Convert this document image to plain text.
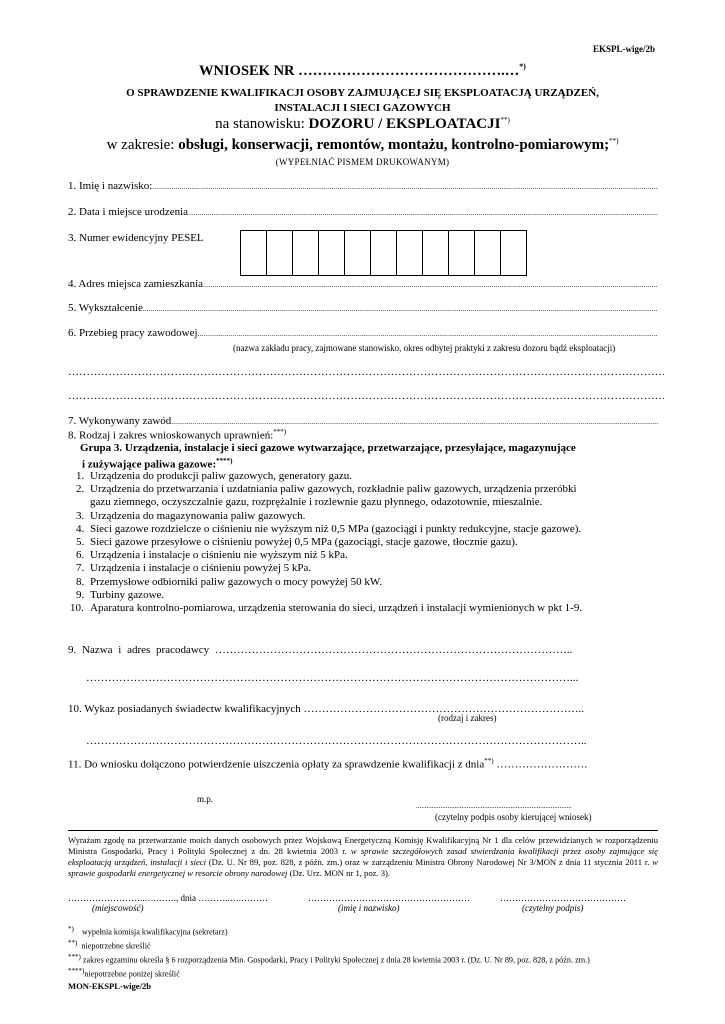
EKSPL-wige/2b
WNIOSEK NR …………………………………….…*)
O SPRAWDZENIE KWALIFIKACJI OSOBY ZAJMUJĄCEJ SIĘ EKSPLOATACJĄ URZĄDZEŃ,
INSTALACJI I SIECI GAZOWYCH
na stanowisku: DOZORU / EKSPLOATACJI**)
w zakresie: obsługi, konserwacji, remontów, montażu, kontrolno-pomiarowym;**)
(WYPEŁNIAĆ PISMEM DRUKOWANYM)
1. Imię i nazwisko:
.....
2. Data i miejsce urodzenia
.....
3. Numer ewidencyjny PESEL
4. Adres miejsca zamieszkania
.....
5. Wykształcenie
.....
6. Przebieg pracy zawodowej
.....
(nazwa zakładu pracy, zajmowane stanowisko, okres odbytej praktyki z zakresu dozoru bądź eksploatacji)
……………………………………………………………………………………………………………………………………………………
……………………………………………………………………………………………………………………………………………………
7. Wykonywany zawód
.....
8. Rodzaj i zakres wnioskowanych uprawnień:***)
Grupa 3. Urządzenia, instalacje i sieci gazowe wytwarzające, przetwarzające, przesyłające, magazynujące
i zużywające paliwa gazowe:****)
1. Urządzenia do produkcji paliw gazowych, generatory gazu.
2. Urządzenia do przetwarzania i uzdatniania paliw gazowych, rozkładnie paliw gazowych, urządzenia przeróbki
gazu ziemnego, oczyszczalnie gazu, rozprężalnie i rozlewnie gazu płynnego, odazotownie, mieszalnie.
3. Urządzenia do magazynowania paliw gazowych.
4. Sieci gazowe rozdzielcze o ciśnieniu nie wyższym niż 0,5 MPa (gazociągi i punkty redukcyjne, stacje gazowe).
5. Sieci gazowe przesyłowe o ciśnieniu powyżej 0,5 MPa (gazociągi, stacje gazowe, tłocznie gazu).
6. Urządzenia i instalacje o ciśnieniu nie wyższym niż 5 kPa.
7. Urządzenia i instalacje o ciśnieniu powyżej 5 kPa.
8. Przemysłowe odbiorniki paliw gazowych o mocy powyżej 50 kW.
9. Turbiny gazowe.
10. Aparatura kontrolno-pomiarowa, urządzenia sterowania do sieci, urządzeń i instalacji wymienionych w pkt 1-9.
9. Nazwa i adres pracodawcy ……………………………………………………………………………………..
……………………………………………………………………………………………………………………...
10. Wykaz posiadanych świadectw kwalifikacyjnych …………………………………………………………………..
(rodzaj i zakres)
………………………………………………………………………………………………………………………..
11. Do wniosku dołączono potwierdzenie uiszczenia opłaty za sprawdzenie kwalifikacji z dnia**) …………………….
m.p.
.........................................................................................
(czytelny podpis osoby kierującej wniosek)
Wyrażam zgodę na przetwarzanie moich danych osobowych przez Wojskową Energetyczną Komisję Kwalifikacyjną Nr 1 dla celów przewidzianych w rozporządzeniu Ministra Gospodarki, Pracy i Polityki Społecznej z dn. 28 kwietnia 2003 r. w sprawie szczegółowych zasad stwierdzania kwalifikacji przez osoby zajmujące się eksploatacją urządzeń, instalacji i sieci (Dz. U. Nr 89, poz. 828, z późn. zm.) oraz w zarządzeniu Ministra Obrony Narodowej Nr 3/MON z dnia 11 stycznia 2011 r. w sprawie gospodarki energetycznej w resorcie obrony narodowej (Dz. Urz. MON nr 1, poz. 3).
……………………..….……., dnia ………..….………	………………………………………………	……………………………………
(miejscowość)	(imię i nazwisko)	(czytelny podpis)
*) wypełnia komisja kwalifikacyjna (sekretarz)
**) niepotrzebne skreślić
***) zakres egzaminu określa § 6 rozporządzenia Min. Gospodarki, Pracy i Polityki Społecznej z dnia 28 kwietnia 2003 r. (Dz. U. Nr 89, poz. 828, z późn. zm.)
****)niepotrzebne poniżej skreślić
MON-EKSPL-wige/2b
